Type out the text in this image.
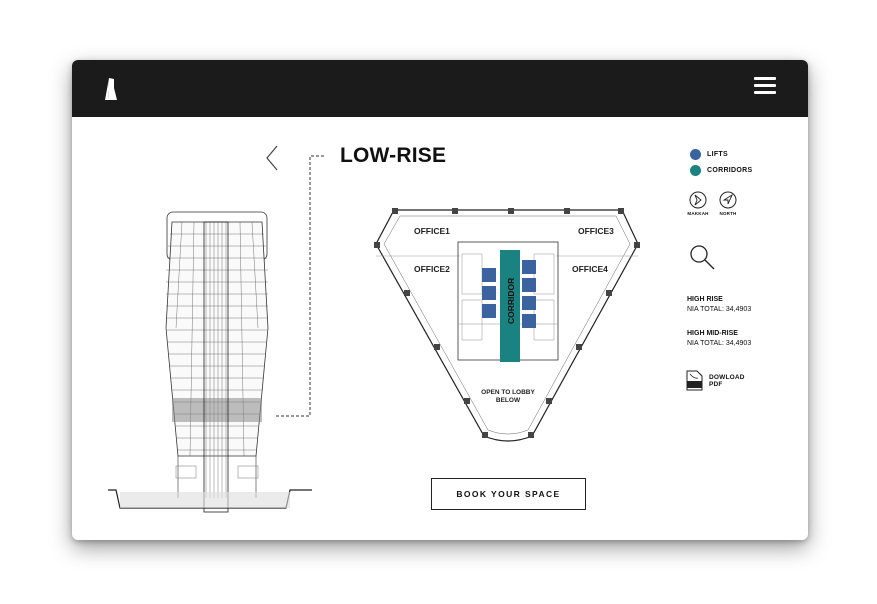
LOW-RISE
CORRIDOR
OFFICE1
OFFICE2
OFFICE3
OFFICE4
OPEN TO LOBBY
BELOW
BOOK YOUR SPACE
LIFTS
CORRIDORS
MAKKAH	NORTH
HIGH RISE
NIA TOTAL: 34,4903
HIGH MID-RISE
NIA TOTAL: 34,4903
DOWLOAD
PDF
